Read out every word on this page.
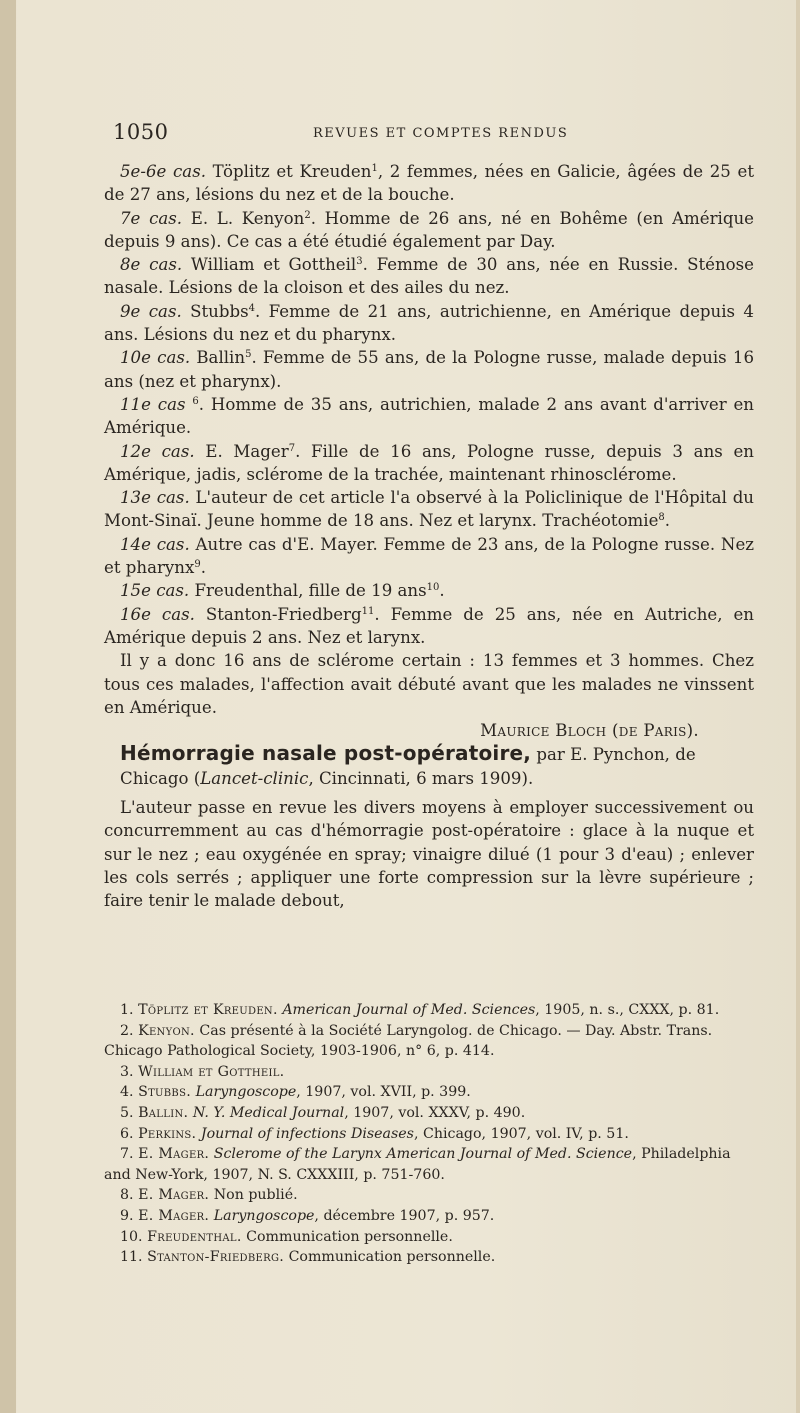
1050	REVUES ET COMPTES RENDUS

5e-6e cas. Töplitz et Kreuden$^1$, 2 femmes, nées en Galicie, âgées de 25 et de 27 ans, lésions du nez et de la bouche.

7e cas. E. L. Kenyon$^2$. Homme de 26 ans, né en Bohême (en Amérique depuis 9 ans). Ce cas a été étudié également par Day.

8e cas. William et Gottheil$^3$. Femme de 30 ans, née en Russie. Sténose nasale. Lésions de la cloison et des ailes du nez.

9e cas. Stubbs$^4$. Femme de 21 ans, autrichienne, en Amérique depuis 4 ans. Lésions du nez et du pharynx.

10e cas. Ballin$^5$. Femme de 55 ans, de la Pologne russe, malade depuis 16 ans (nez et pharynx).

11e cas $^6$. Homme de 35 ans, autrichien, malade 2 ans avant d'arriver en Amérique.

12e cas. E. Mager$^7$. Fille de 16 ans, Pologne russe, depuis 3 ans en Amérique, jadis, sclérome de la trachée, maintenant rhinosclérome.

13e cas. L'auteur de cet article l'a observé à la Policlinique de l'Hôpital du Mont-Sinaï. Jeune homme de 18 ans. Nez et larynx. Trachéotomie$^8$.

14e cas. Autre cas d'E. Mayer. Femme de 23 ans, de la Pologne russe. Nez et pharynx$^9$.

15e cas. Freudenthal, fille de 19 ans$^{10}$.

16e cas. Stanton-Friedberg$^{11}$. Femme de 25 ans, née en Autriche, en Amérique depuis 2 ans. Nez et larynx.

Il y a donc 16 ans de sclérome certain : 13 femmes et 3 hommes. Chez tous ces malades, l'affection avait débuté avant que les malades ne vinssent en Amérique.

Maurice Bloch (de Paris).

Hémorragie nasale post-opératoire, par E. Pynchon, de

Chicago (Lancet-clinic, Cincinnati, 6 mars 1909).

L'auteur passe en revue les divers moyens à employer successivement ou concurremment au cas d'hémorragie post-opératoire : glace à la nuque et sur le nez ; eau oxygénée en spray; vinaigre dilué (1 pour 3 d'eau) ; enlever les cols serrés ; appliquer une forte compression sur la lèvre supérieure ; faire tenir le malade debout,

1. Töplitz et Kreuden. American Journal of Med. Sciences, 1905, n. s., CXXX, p. 81.

2. Kenyon. Cas présenté à la Société Laryngolog. de Chicago. — Day. Abstr. Trans. Chicago Pathological Society, 1903-1906, n° 6, p. 414.

3. William et Gottheil.

4. Stubbs. Laryngoscope, 1907, vol. XVII, p. 399.

5. Ballin. N. Y. Medical Journal, 1907, vol. XXXV, p. 490.

6. Perkins. Journal of infections Diseases, Chicago, 1907, vol. IV, p. 51.

7. E. Mager. Sclerome of the Larynx American Journal of Med. Science, Philadelphia and New-York, 1907, N. S. CXXXIII, p. 751-760.

8. E. Mager. Non publié.

9. E. Mager. Laryngoscope, décembre 1907, p. 957.

10. Freudenthal. Communication personnelle.

11. Stanton-Friedberg. Communication personnelle.
